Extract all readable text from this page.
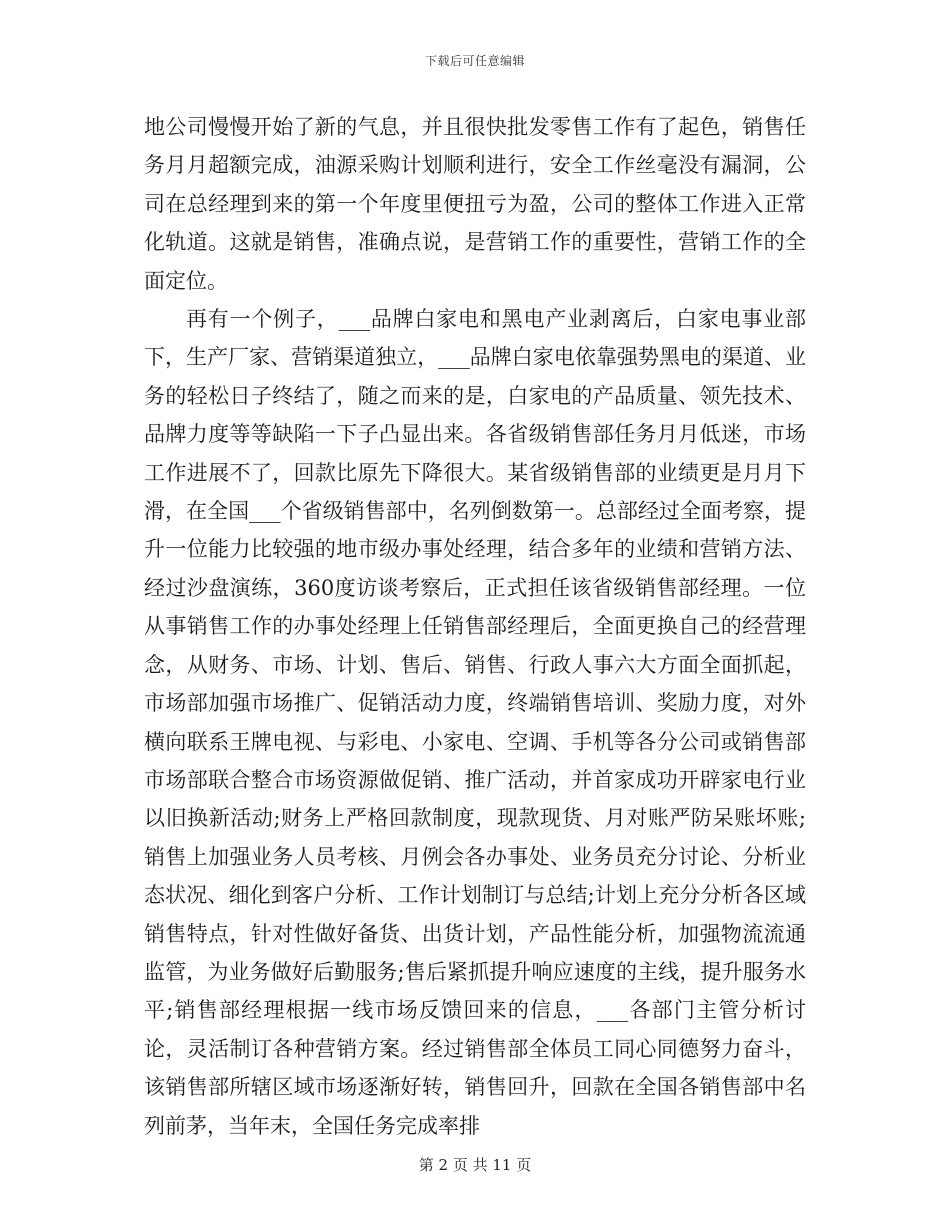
下载后可任意编辑

地公司慢慢开始了新的气息，并且很快批发零售工作有了起色，销售任务月月超额完成，油源采购计划顺利进行，安全工作丝毫没有漏洞，公司在总经理到来的第一个年度里便扭亏为盈，公司的整体工作进入正常化轨道。这就是销售，准确点说，是营销工作的重要性，营销工作的全面定位。

再有一个例子，___品牌白家电和黑电产业剥离后，白家电事业部下，生产厂家、营销渠道独立，___品牌白家电依靠强势黑电的渠道、业务的轻松日子终结了，随之而来的是，白家电的产品质量、领先技术、品牌力度等等缺陷一下子凸显出来。各省级销售部任务月月低迷，市场工作进展不了，回款比原先下降很大。某省级销售部的业绩更是月月下滑，在全国___个省级销售部中，名列倒数第一。总部经过全面考察，提升一位能力比较强的地市级办事处经理，结合多年的业绩和营销方法、经过沙盘演练，360度访谈考察后，正式担任该省级销售部经理。一位从事销售工作的办事处经理上任销售部经理后，全面更换自己的经营理念，从财务、市场、计划、售后、销售、行政人事六大方面全面抓起，市场部加强市场推广、促销活动力度，终端销售培训、奖励力度，对外横向联系王牌电视、与彩电、小家电、空调、手机等各分公司或销售部市场部联合整合市场资源做促销、推广活动，并首家成功开辟家电行业以旧换新活动;财务上严格回款制度，现款现货、月对账严防呆账坏账;销售上加强业务人员考核、月例会各办事处、业务员充分讨论、分析业态状况、细化到客户分析、工作计划制订与总结;计划上充分分析各区域销售特点，针对性做好备货、出货计划，产品性能分析，加强物流流通监管，为业务做好后勤服务;售后紧抓提升响应速度的主线，提升服务水平;销售部经理根据一线市场反馈回来的信息，___各部门主管分析讨论，灵活制订各种营销方案。经过销售部全体员工同心同德努力奋斗，该销售部所辖区域市场逐渐好转，销售回升，回款在全国各销售部中名列前茅，当年末，全国任务完成率排

第 2 页 共 11 页
